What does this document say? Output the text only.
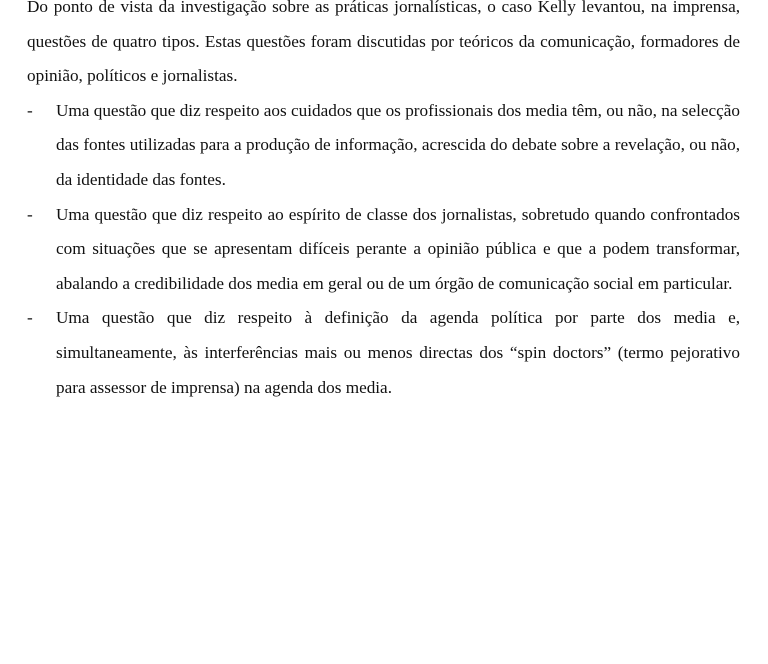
Do ponto de vista da investigação sobre as práticas jornalísticas, o caso Kelly levantou, na imprensa, questões de quatro tipos. Estas questões foram discutidas por teóricos da comunicação, formadores de opinião, políticos e jornalistas.

- Uma questão que diz respeito aos cuidados que os profissionais dos media têm, ou não, na selecção das fontes utilizadas para a produção de informação, acrescida do debate sobre a revelação, ou não, da identidade das fontes.
- Uma questão que diz respeito ao espírito de classe dos jornalistas, sobretudo quando confrontados com situações que se apresentam difíceis perante a opinião pública e que a podem transformar, abalando a credibilidade dos media em geral ou de um órgão de comunicação social em particular.
- Uma questão que diz respeito à definição da agenda política por parte dos media e, simultaneamente, às interferências mais ou menos directas dos “spin doctors” (termo pejorativo para assessor de imprensa) na agenda dos media.
